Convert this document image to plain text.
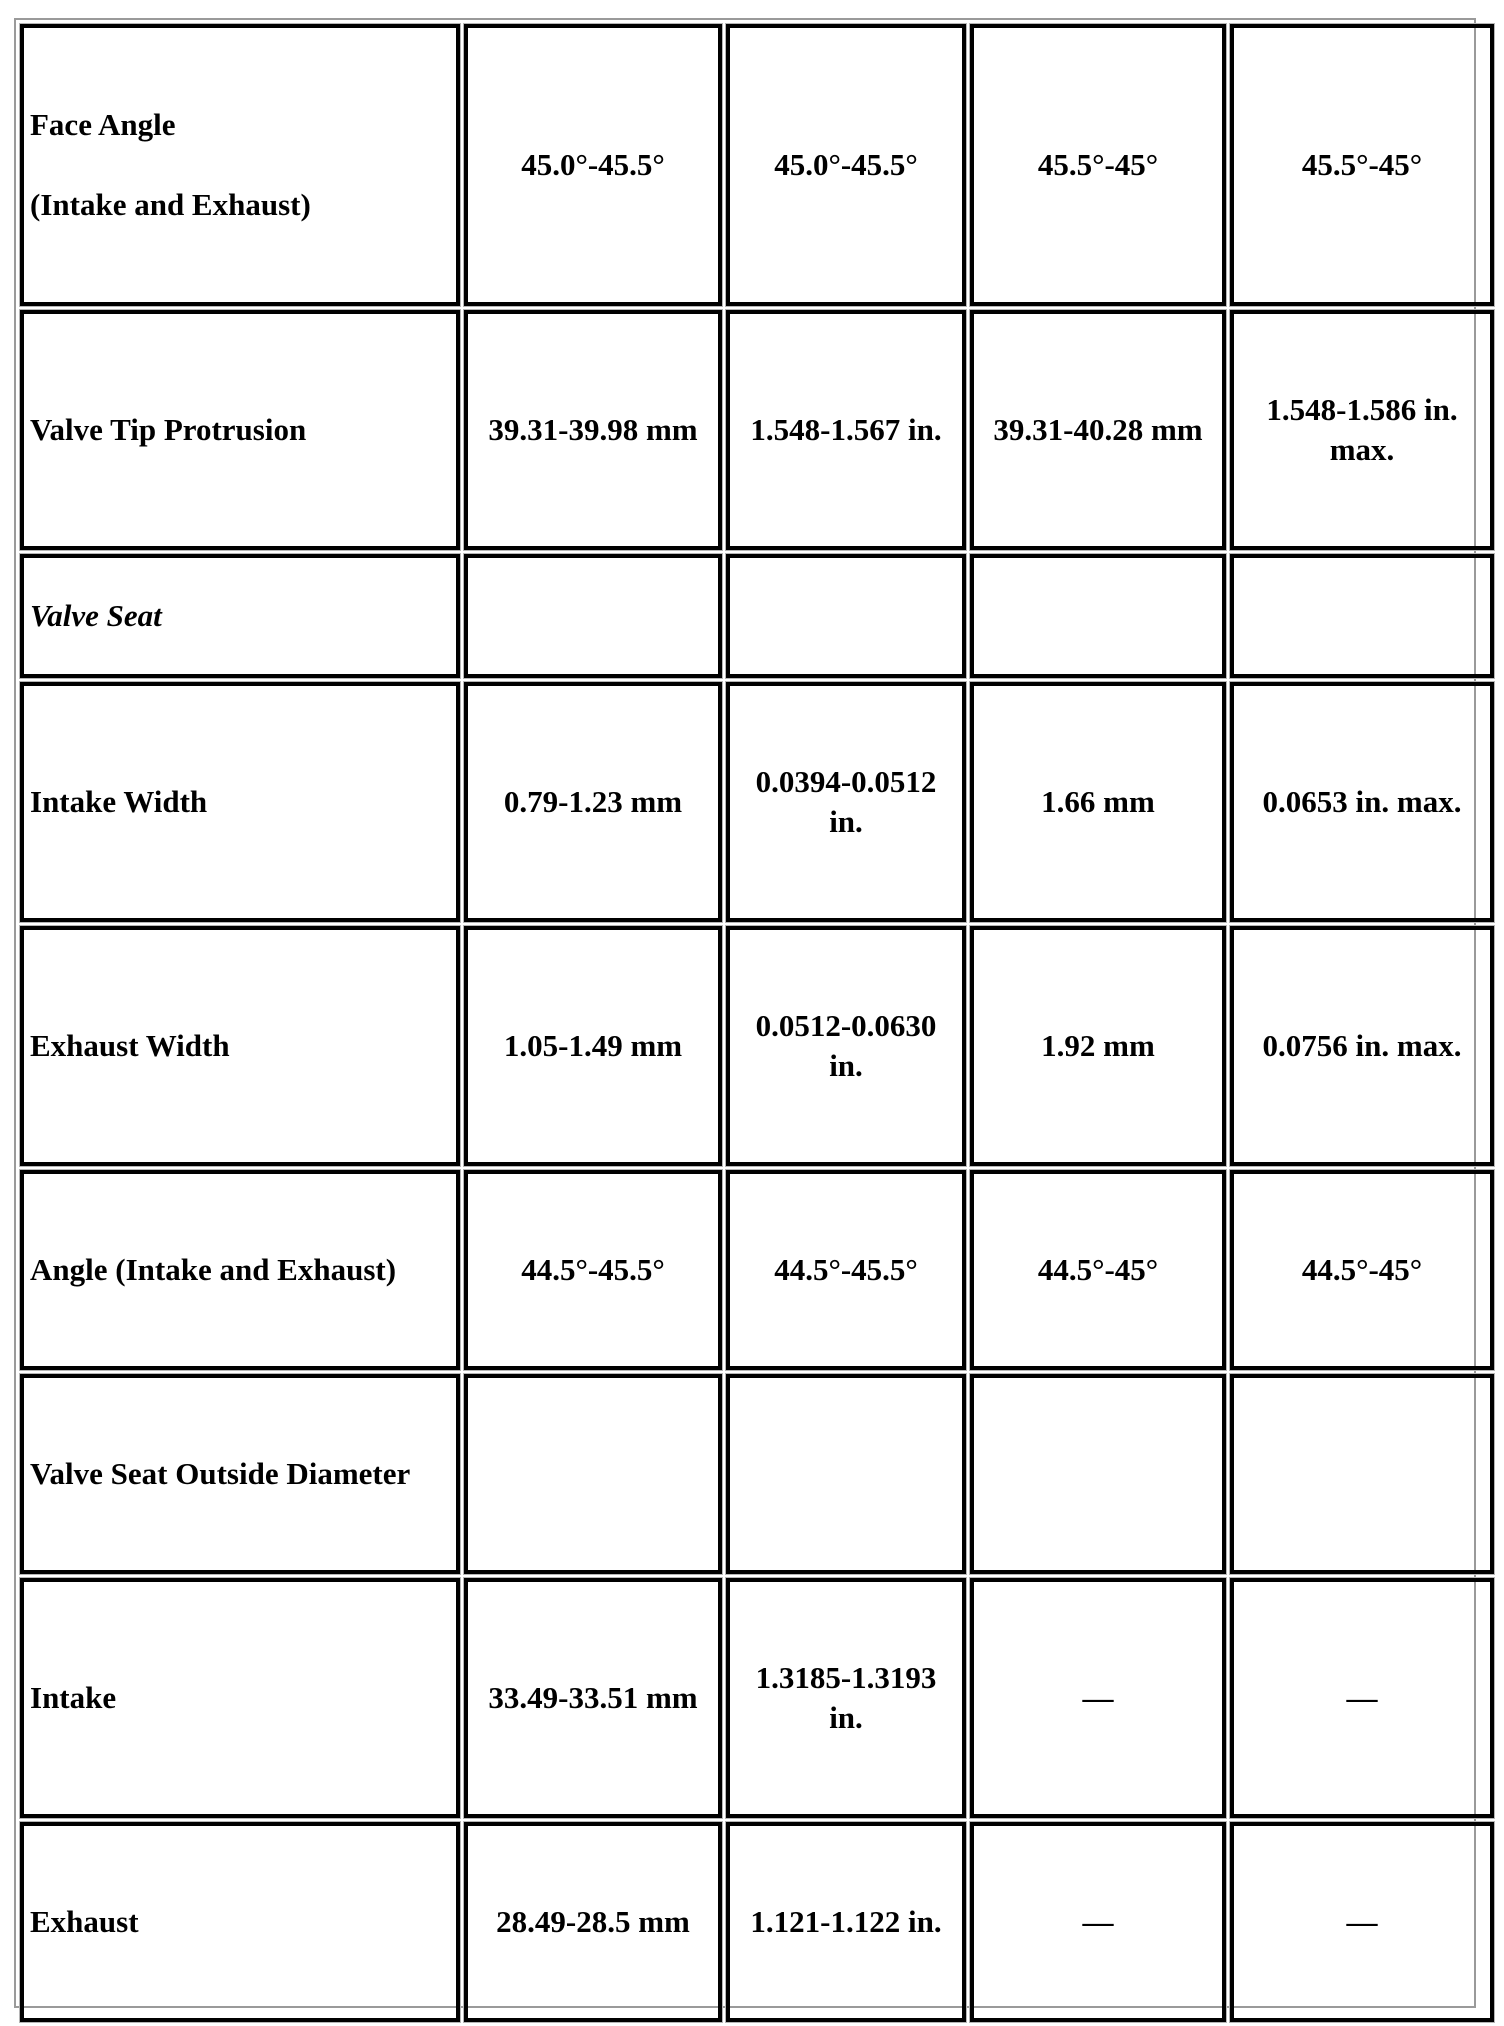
Face Angle
(Intake and Exhaust)	45.0°-45.5°	45.0°-45.5°	45.5°-45°	45.5°-45°
Valve Tip Protrusion	39.31-39.98 mm	1.548-1.567 in.	39.31-40.28 mm	1.548-1.586 in. max.
Valve Seat				
Intake Width	0.79-1.23 mm	0.0394-0.0512 in.	1.66 mm	0.0653 in. max.
Exhaust Width	1.05-1.49 mm	0.0512-0.0630 in.	1.92 mm	0.0756 in. max.
Angle (Intake and Exhaust)	44.5°-45.5°	44.5°-45.5°	44.5°-45°	44.5°-45°
Valve Seat Outside Diameter				
Intake	33.49-33.51 mm	1.3185-1.3193 in.	—	—
Exhaust	28.49-28.5 mm	1.121-1.122 in.	—	—
